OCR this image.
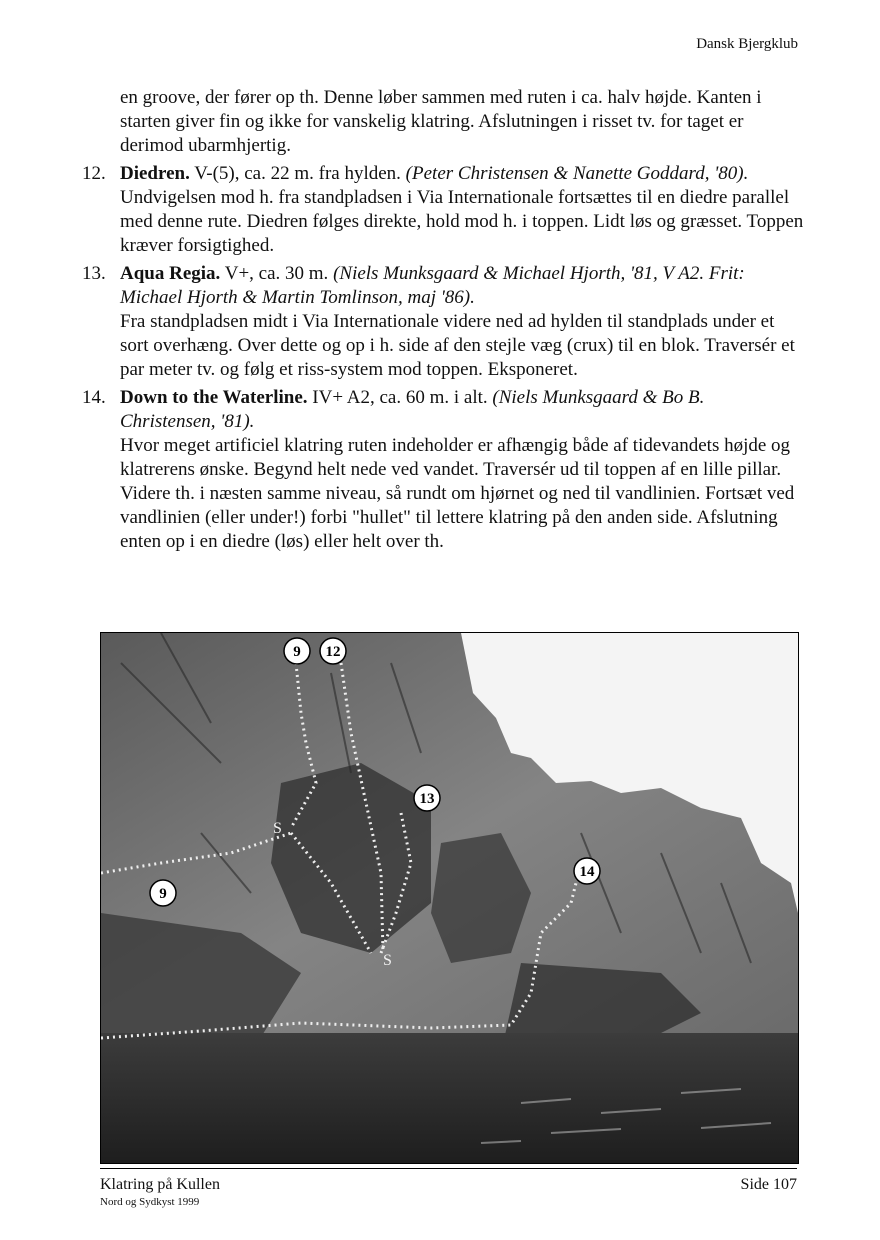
Dansk Bjergklub

en groove, der fører op th. Denne løber sammen med ruten i ca. halv højde. Kanten i starten giver fin og ikke for vanskelig klatring. Afslutningen i risset tv. for taget er derimod ubarmhjertig.

12. Diedren. V-(5), ca. 22 m. fra hylden. (Peter Christensen & Nanette Goddard, '80).

Undvigelsen mod h. fra standpladsen i Via Internationale fortsættes til en diedre parallel med denne rute. Diedren følges direkte, hold mod h. i toppen. Lidt løs og græsset. Toppen kræver forsigtighed.

13. Aqua Regia. V+, ca. 30 m. (Niels Munksgaard & Michael Hjorth, '81, V A2. Frit: Michael Hjorth & Martin Tomlinson, maj '86).

Fra standpladsen midt i Via Internationale videre ned ad hylden til standplads under et sort overhæng. Over dette og op i h. side af den stejle væg (crux) til en blok. Traversér et par meter tv. og følg et riss-system mod toppen. Eksponeret.

14. Down to the Waterline. IV+ A2, ca. 60 m. i alt. (Niels Munksgaard & Bo B. Christensen, '81).

Hvor meget artificiel klatring ruten indeholder er afhængig både af tidevandets højde og klatrerens ønske. Begynd helt nede ved vandet. Traversér ud til toppen af en lille pillar. Videre th. i næsten samme niveau, så rundt om hjørnet og ned til vandlinien. Fortsæt ved vandlinien (eller under!) forbi "hullet" til lettere klatring på den anden side. Afslutning enten op i en diedre (løs) eller helt over th.

S
S
9 12
13
14
9
Klatring på Kullen
Nord og Sydkyst 1999
Side 107
